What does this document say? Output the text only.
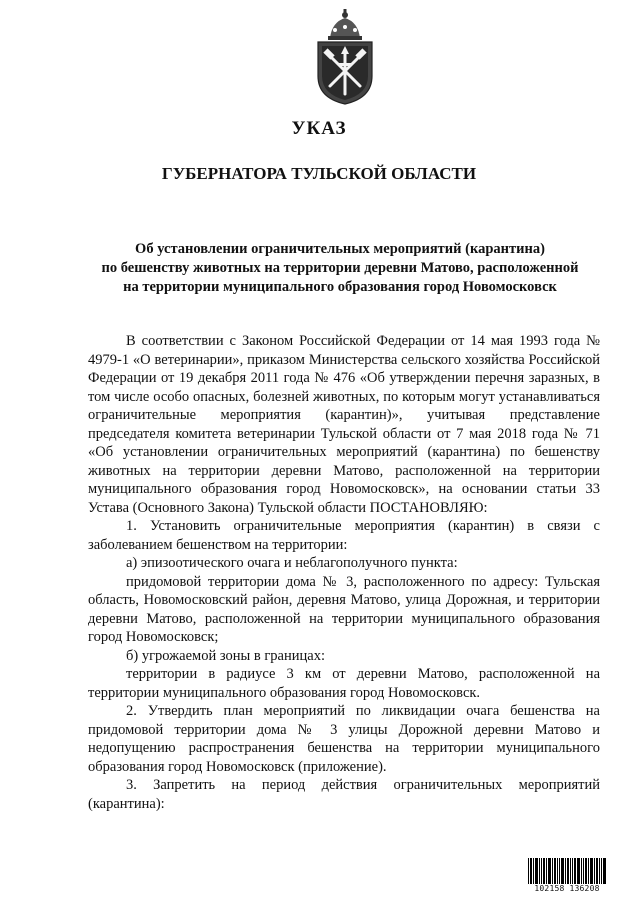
УКАЗ
ГУБЕРНАТОРА ТУЛЬСКОЙ ОБЛАСТИ
Об установлении ограничительных мероприятий (карантина)
по бешенству животных на территории деревни Матово, расположенной
на территории муниципального образования город Новомосковск

В соответствии с Законом Российской Федерации от 14 мая 1993 года № 4979-1 «О ветеринарии», приказом Министерства сельского хозяйства Российской Федерации от 19 декабря 2011 года № 476 «Об утверждении перечня заразных, в том числе особо опасных, болезней животных, по которым могут устанавливаться ограничительные мероприятия (карантин)», учитывая представление председателя комитета ветеринарии Тульской области от 7 мая 2018 года № 71 «Об установлении ограничительных мероприятий (карантина) по бешенству животных на территории деревни Матово, расположенной на территории муниципального образования город Новомосковск», на основании статьи 33 Устава (Основного Закона) Тульской области ПОСТАНОВЛЯЮ:

1. Установить ограничительные мероприятия (карантин) в связи с заболеванием бешенством на территории:

а) эпизоотического очага и неблагополучного пункта:

придомовой территории дома № 3, расположенного по адресу: Тульская область, Новомосковский район, деревня Матово, улица Дорожная, и территории деревни Матово, расположенной на территории муниципального образования город Новомосковск;

б) угрожаемой зоны в границах:

территории в радиусе 3 км от деревни Матово, расположенной на территории муниципального образования город Новомосковск.

2. Утвердить план мероприятий по ликвидации очага бешенства на придомовой территории дома № 3 улицы Дорожной деревни Матово и недопущению распространения бешенства на территории муниципального образования город Новомосковск (приложение).

3. Запретить на период действия ограничительных мероприятий (карантина):

102158 136208
